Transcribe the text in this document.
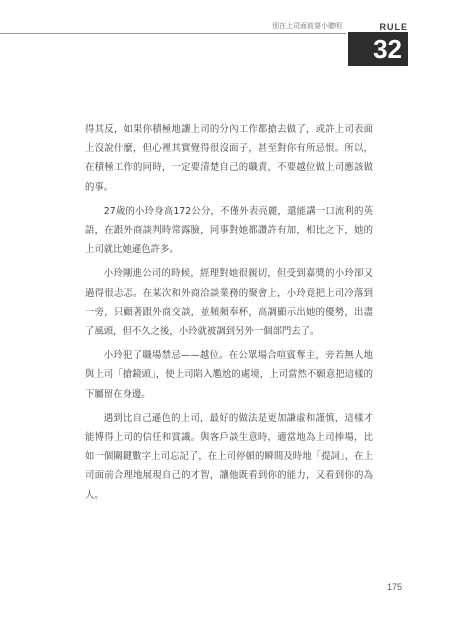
別在上司面前耍小聰明	RULE
32

得其反，如果你積極地讓上司的分內工作都搶去做了，或許上司表面上沒說什麼，但心裡其實覺得很沒面子，甚至對你有所忌恨。所以，在積極工作的同時，一定要清楚自己的職責，不要越位做上司應該做的事。

27歲的小玲身高172公分，不僅外表亮麗，還能講一口流利的英語，在跟外商談判時常露臉，同事對她都讚許有加，相比之下，她的上司就比她遜色許多。

小玲剛進公司的時候，經理對她很親切，但受到嘉獎的小玲卻又過得很忐忑。在某次和外商洽談業務的聚會上，小玲竟把上司冷落到一旁，只顧著跟外商交談，並頻頻奉杯，高調顯示出她的優勢，出盡了風頭，但不久之後，小玲就被調到另外一個部門去了。

小玲犯了職場禁忌——越位。在公眾場合喧賓奪主，旁若無人地與上司「搶鏡頭」，使上司陷入尷尬的處境，上司當然不願意把這樣的下屬留在身邊。

遇到比自己遜色的上司，最好的做法是更加謙虛和謹慎，這樣才能博得上司的信任和賞識。與客戶談生意時，適當地為上司捧場，比如一個關鍵數字上司忘記了，在上司停頓的瞬間及時地「提詞」，在上司面前合理地展現自己的才智，讓他既看到你的能力，又看到你的為人。

175
